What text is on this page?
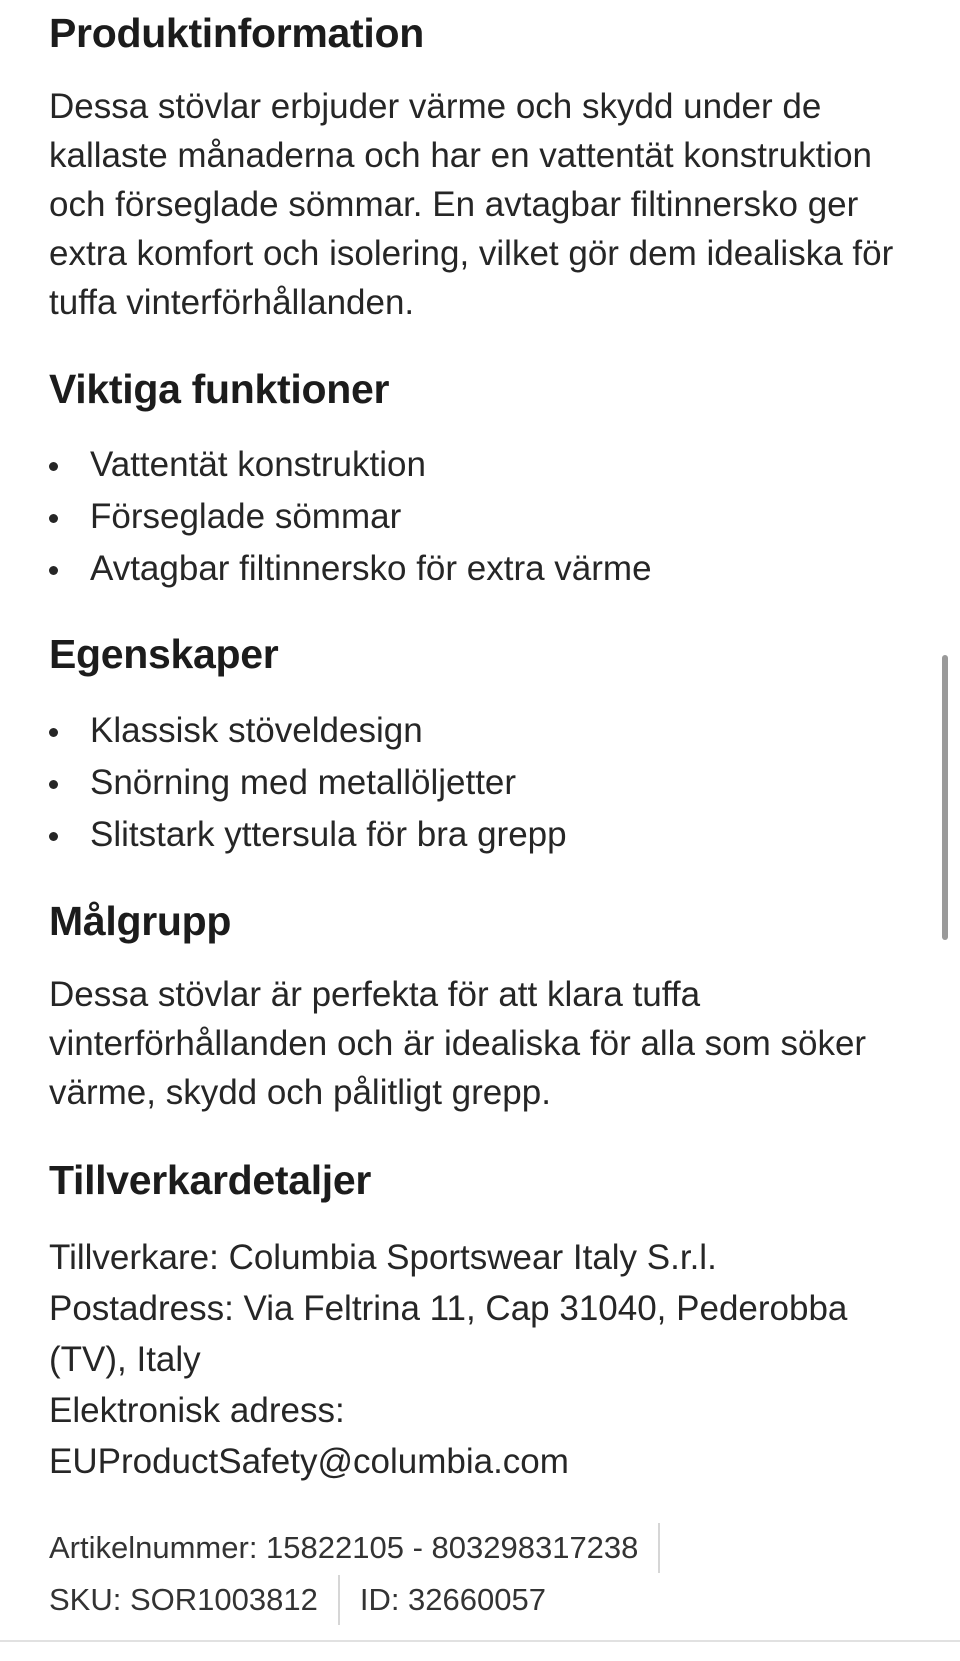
Produktinformation

Dessa stövlar erbjuder värme och skydd under de kallaste månaderna och har en vattentät konstruktion och förseglade sömmar. En avtagbar filtinnersko ger extra komfort och isolering, vilket gör dem idealiska för tuffa vinterförhållanden.

Viktiga funktioner
Vattentät konstruktion
Förseglade sömmar
Avtagbar filtinnersko för extra värme
Egenskaper
Klassisk stöveldesign
Snörning med metallöljetter
Slitstark yttersula för bra grepp
Målgrupp

Dessa stövlar är perfekta för att klara tuffa vinterförhållanden och är idealiska för alla som söker värme, skydd och pålitligt grepp.

Tillverkardetaljer

Tillverkare: Columbia Sportswear Italy S.r.l.
Postadress: Via Feltrina 11, Cap 31040, Pederobba (TV), Italy
Elektronisk adress:
EUProductSafety@columbia.com

Artikelnummer: 15822105 - 803298317238
SKU: SOR1003812 ID: 32660057
